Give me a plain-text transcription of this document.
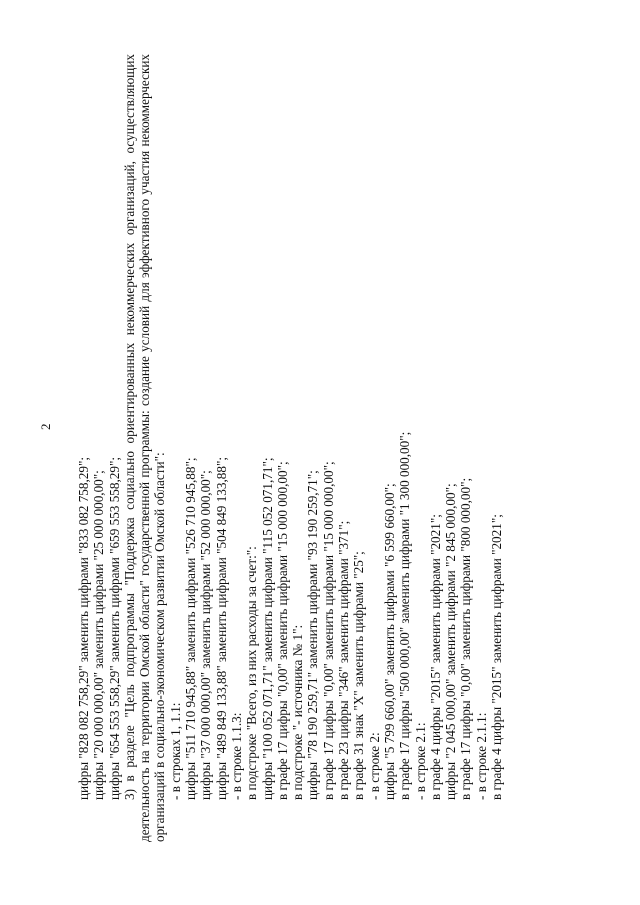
2
цифры "828 082 758,29" заменить цифрами "833 082 758,29"; цифры "20 000 000,00" заменить цифрами "25 000 000,00"; цифры "654 553 558,29" заменить цифрами "659 553 558,29"; 3) в разделе "Цель подпрограммы "Поддержка социально ориентированных некоммерческих организаций, осуществляющих деятельность на территории Омской области" государственной программы: создание условий для эффективного участия некоммерческих организаций в социально-экономическом развитии Омской области": - в строках 1, 1.1: цифры "511 710 945,88" заменить цифрами "526 710 945,88"; цифры "37 000 000,00" заменить цифрами "52 000 000,00"; цифры "489 849 133,88" заменить цифрами "504 849 133,88"; - в строке 1.1.3: в подстроке "Всего, из них расходы за счет:": цифры "100 052 071,71" заменить цифрами "115 052 071,71"; в графе 17 цифры "0,00" заменить цифрами "15 000 000,00"; в подстроке "- источника № 1": цифры "78 190 259,71" заменить цифрами "93 190 259,71"; в графе 17 цифры "0,00" заменить цифрами "15 000 000,00"; в графе 23 цифры "346" заменить цифрами "371"; в графе 31 знак "X" заменить цифрами "25"; - в строке 2: цифры "5 799 660,00" заменить цифрами "6 599 660,00"; в графе 17 цифры "500 000,00" заменить цифрами "1 300 000,00"; - в строке 2.1: в графе 4 цифры "2015" заменить цифрами "2021"; цифры "2 045 000,00" заменить цифрами "2 845 000,00"; в графе 17 цифры "0,00" заменить цифрами "800 000,00"; - в строке 2.1.1: в графе 4 цифры "2015" заменить цифрами "2021";
